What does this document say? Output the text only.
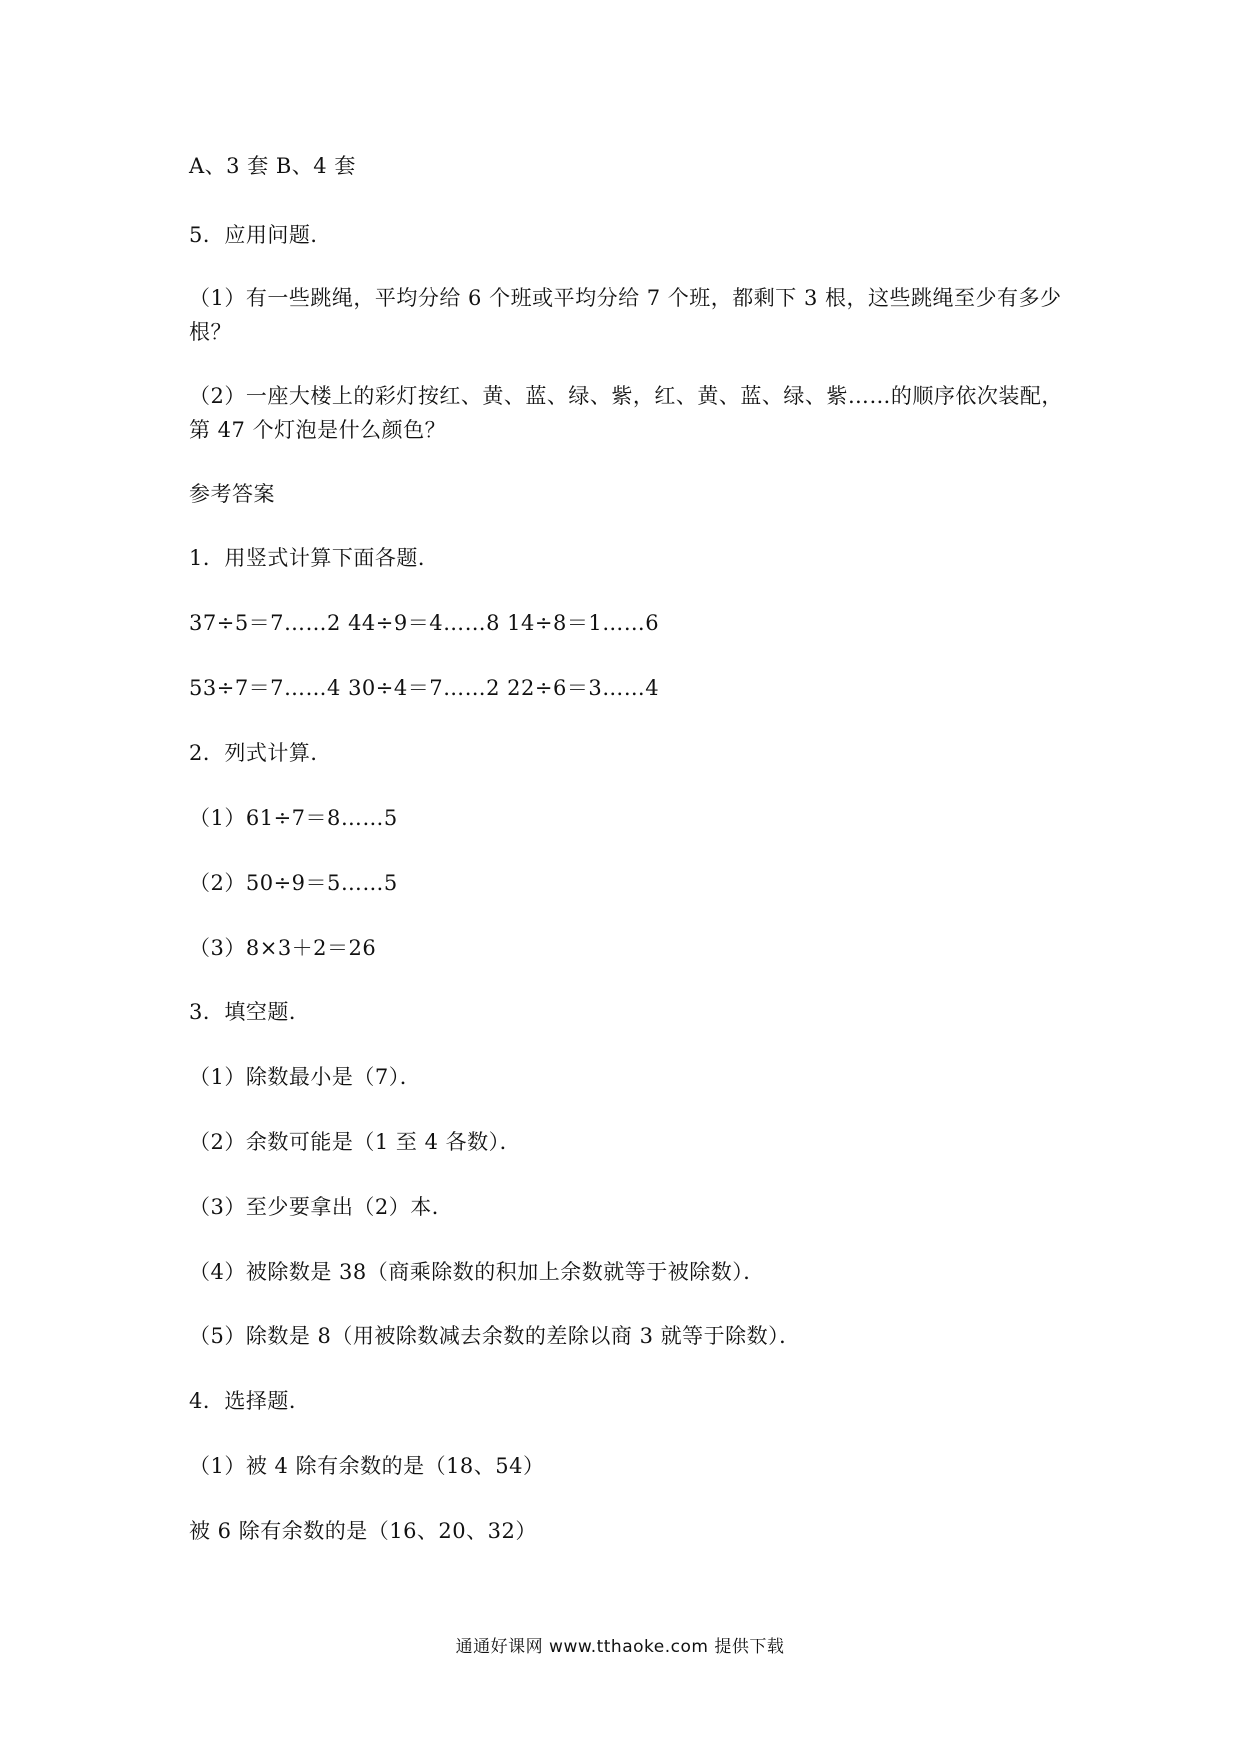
A、3 套 B、4 套
5．应用问题．
（1）有一些跳绳，平均分给 6 个班或平均分给 7 个班，都剩下 3 根，这些跳绳至少有多少
根？
（2）一座大楼上的彩灯按红、黄、蓝、绿、紫，红、黄、蓝、绿、紫……的顺序依次装配，
第 47 个灯泡是什么颜色？
参考答案
1．用竖式计算下面各题．
37÷5＝7……2 44÷9＝4……8 14÷8＝1……6
53÷7＝7……4 30÷4＝7……2 22÷6＝3……4
2．列式计算．
（1）61÷7＝8……5
（2）50÷9＝5……5
（3）8×3＋2＝26
3．填空题．
（1）除数最小是（7）．
（2）余数可能是（1 至 4 各数）．
（3）至少要拿出（2）本．
（4）被除数是 38（商乘除数的积加上余数就等于被除数）．
（5）除数是 8（用被除数减去余数的差除以商 3 就等于除数）．
4．选择题．
（1）被 4 除有余数的是（18、54）
被 6 除有余数的是（16、20、32）
通通好课网 www.tthaoke.com 提供下载
